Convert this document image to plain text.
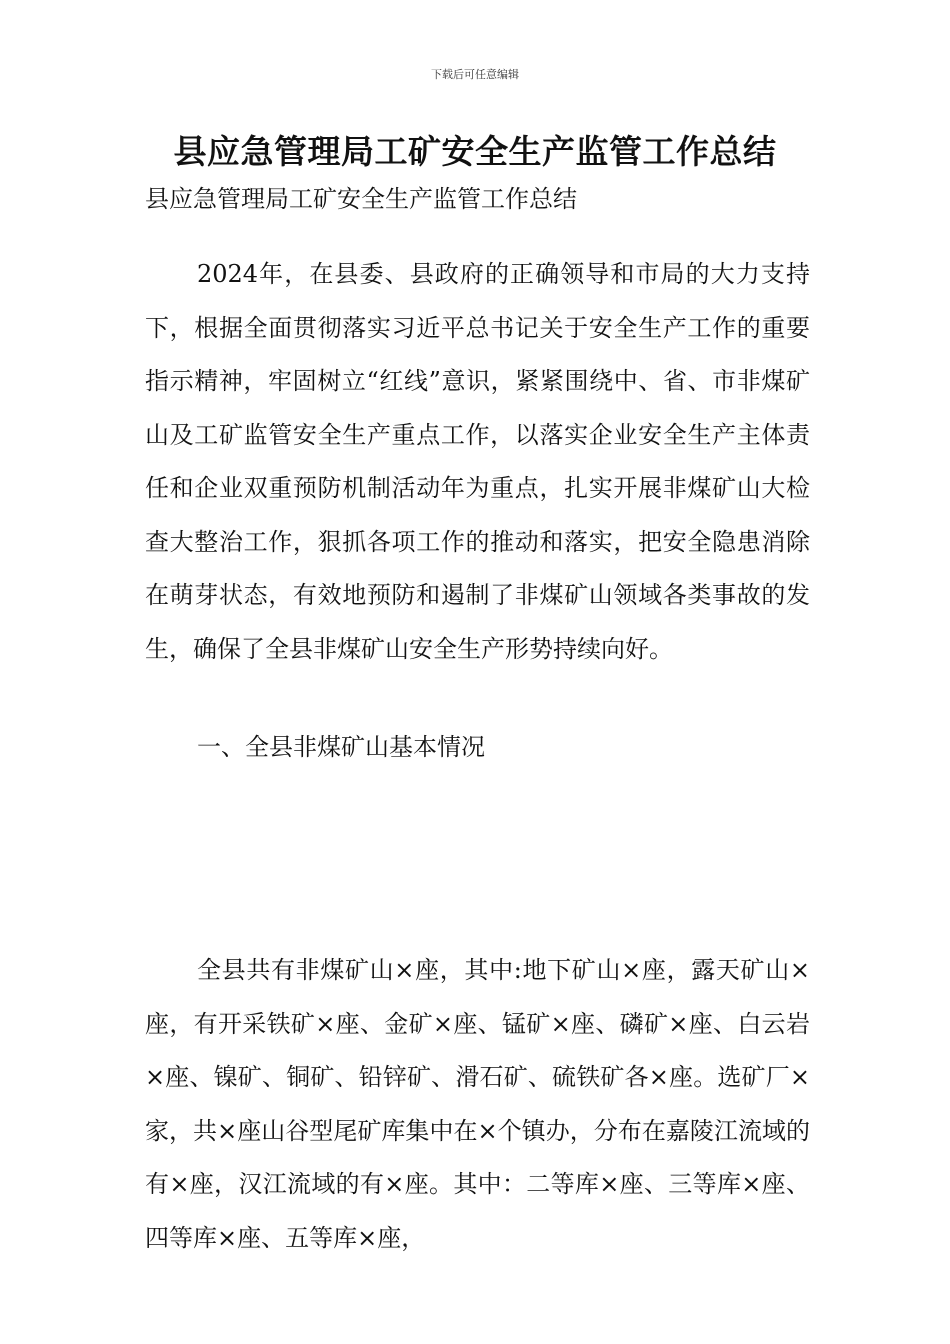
下载后可任意编辑
县应急管理局工矿安全生产监管工作总结
县应急管理局工矿安全生产监管工作总结

2024年，在县委、县政府的正确领导和市局的大力支持下，根据全面贯彻落实习近平总书记关于安全生产工作的重要指示精神，牢固树立“红线”意识，紧紧围绕中、省、市非煤矿山及工矿监管安全生产重点工作，以落实企业安全生产主体责任和企业双重预防机制活动年为重点，扎实开展非煤矿山大检查大整治工作，狠抓各项工作的推动和落实，把安全隐患消除在萌芽状态，有效地预防和遏制了非煤矿山领域各类事故的发生，确保了全县非煤矿山安全生产形势持续向好。

一、全县非煤矿山基本情况

全县共有非煤矿山×座，其中:地下矿山×座，露天矿山×座，有开采铁矿×座、金矿×座、锰矿×座、磷矿×座、白云岩×座、镍矿、铜矿、铅锌矿、滑石矿、硫铁矿各×座。选矿厂×家，共×座山谷型尾矿库集中在×个镇办，分布在嘉陵江流域的有×座，汉江流域的有×座。其中：二等库×座、三等库×座、四等库×座、五等库×座，
